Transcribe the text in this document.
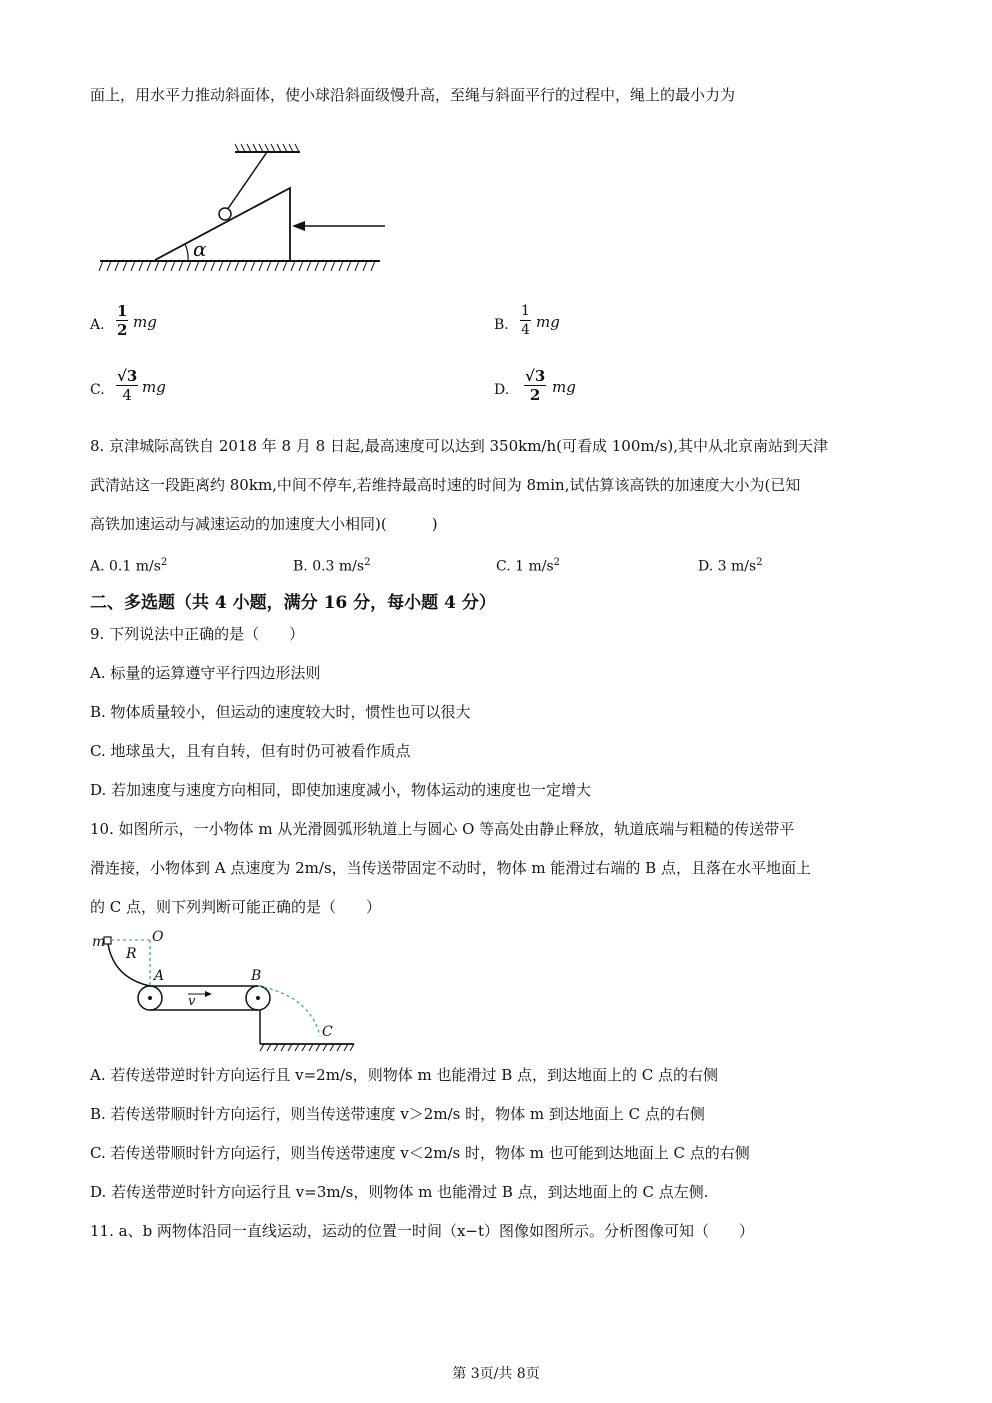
面上，用水平力推动斜面体，使小球沿斜面级慢升高，至绳与斜面平行的过程中，绳上的最小力为
α
A.
1
2 mg	B.
1
4 mg
C.
√3
4 mg	D.
√3
2 mg
8. 京津城际高铁自 2018 年 8 月 8 日起,最高速度可以达到 350km/h(可看成 100m/s),其中从北京南站到天津
武清站这一段距离约 80km,中间不停车,若维持最高时速的时间为 8min,试估算该高铁的加速度大小为(已知
高铁加速运动与减速运动的加速度大小相同)(　　　)
A. 0.1 $m/s^2$	B. 0.3 $m/s^2$	C. 1 $m/s^2$	D. 3 $m/s^2$
二、多选题（共 4 小题，满分 16 分，每小题 4 分）
9. 下列说法中正确的是（　　）
A. 标量的运算遵守平行四边形法则
B. 物体质量较小，但运动的速度较大时，惯性也可以很大
C. 地球虽大，且有自转，但有时仍可被看作质点
D. 若加速度与速度方向相同，即使加速度减小，物体运动的速度也一定增大
10. 如图所示，一小物体 m 从光滑圆弧形轨道上与圆心 O 等高处由静止释放，轨道底端与粗糙的传送带平
滑连接，小物体到 A 点速度为 2m/s，当传送带固定不动时，物体 m 能滑过右端的 B 点，且落在水平地面上
的 C 点，则下列判断可能正确的是（　　）
m	O
R
A	B
v
C
A. 若传送带逆时针方向运行且 v=2m/s，则物体 m 也能滑过 B 点，到达地面上的 C 点的右侧
B. 若传送带顺时针方向运行，则当传送带速度 v＞2m/s 时，物体 m 到达地面上 C 点的右侧
C. 若传送带顺时针方向运行，则当传送带速度 v＜2m/s 时，物体 m 也可能到达地面上 C 点的右侧
D. 若传送带逆时针方向运行且 v=3m/s，则物体 m 也能滑过 B 点，到达地面上的 C 点左侧.
11. a、b 两物体沿同一直线运动，运动的位置一时间（x−t）图像如图所示。分析图像可知（　　）
第 3页/共 8页
